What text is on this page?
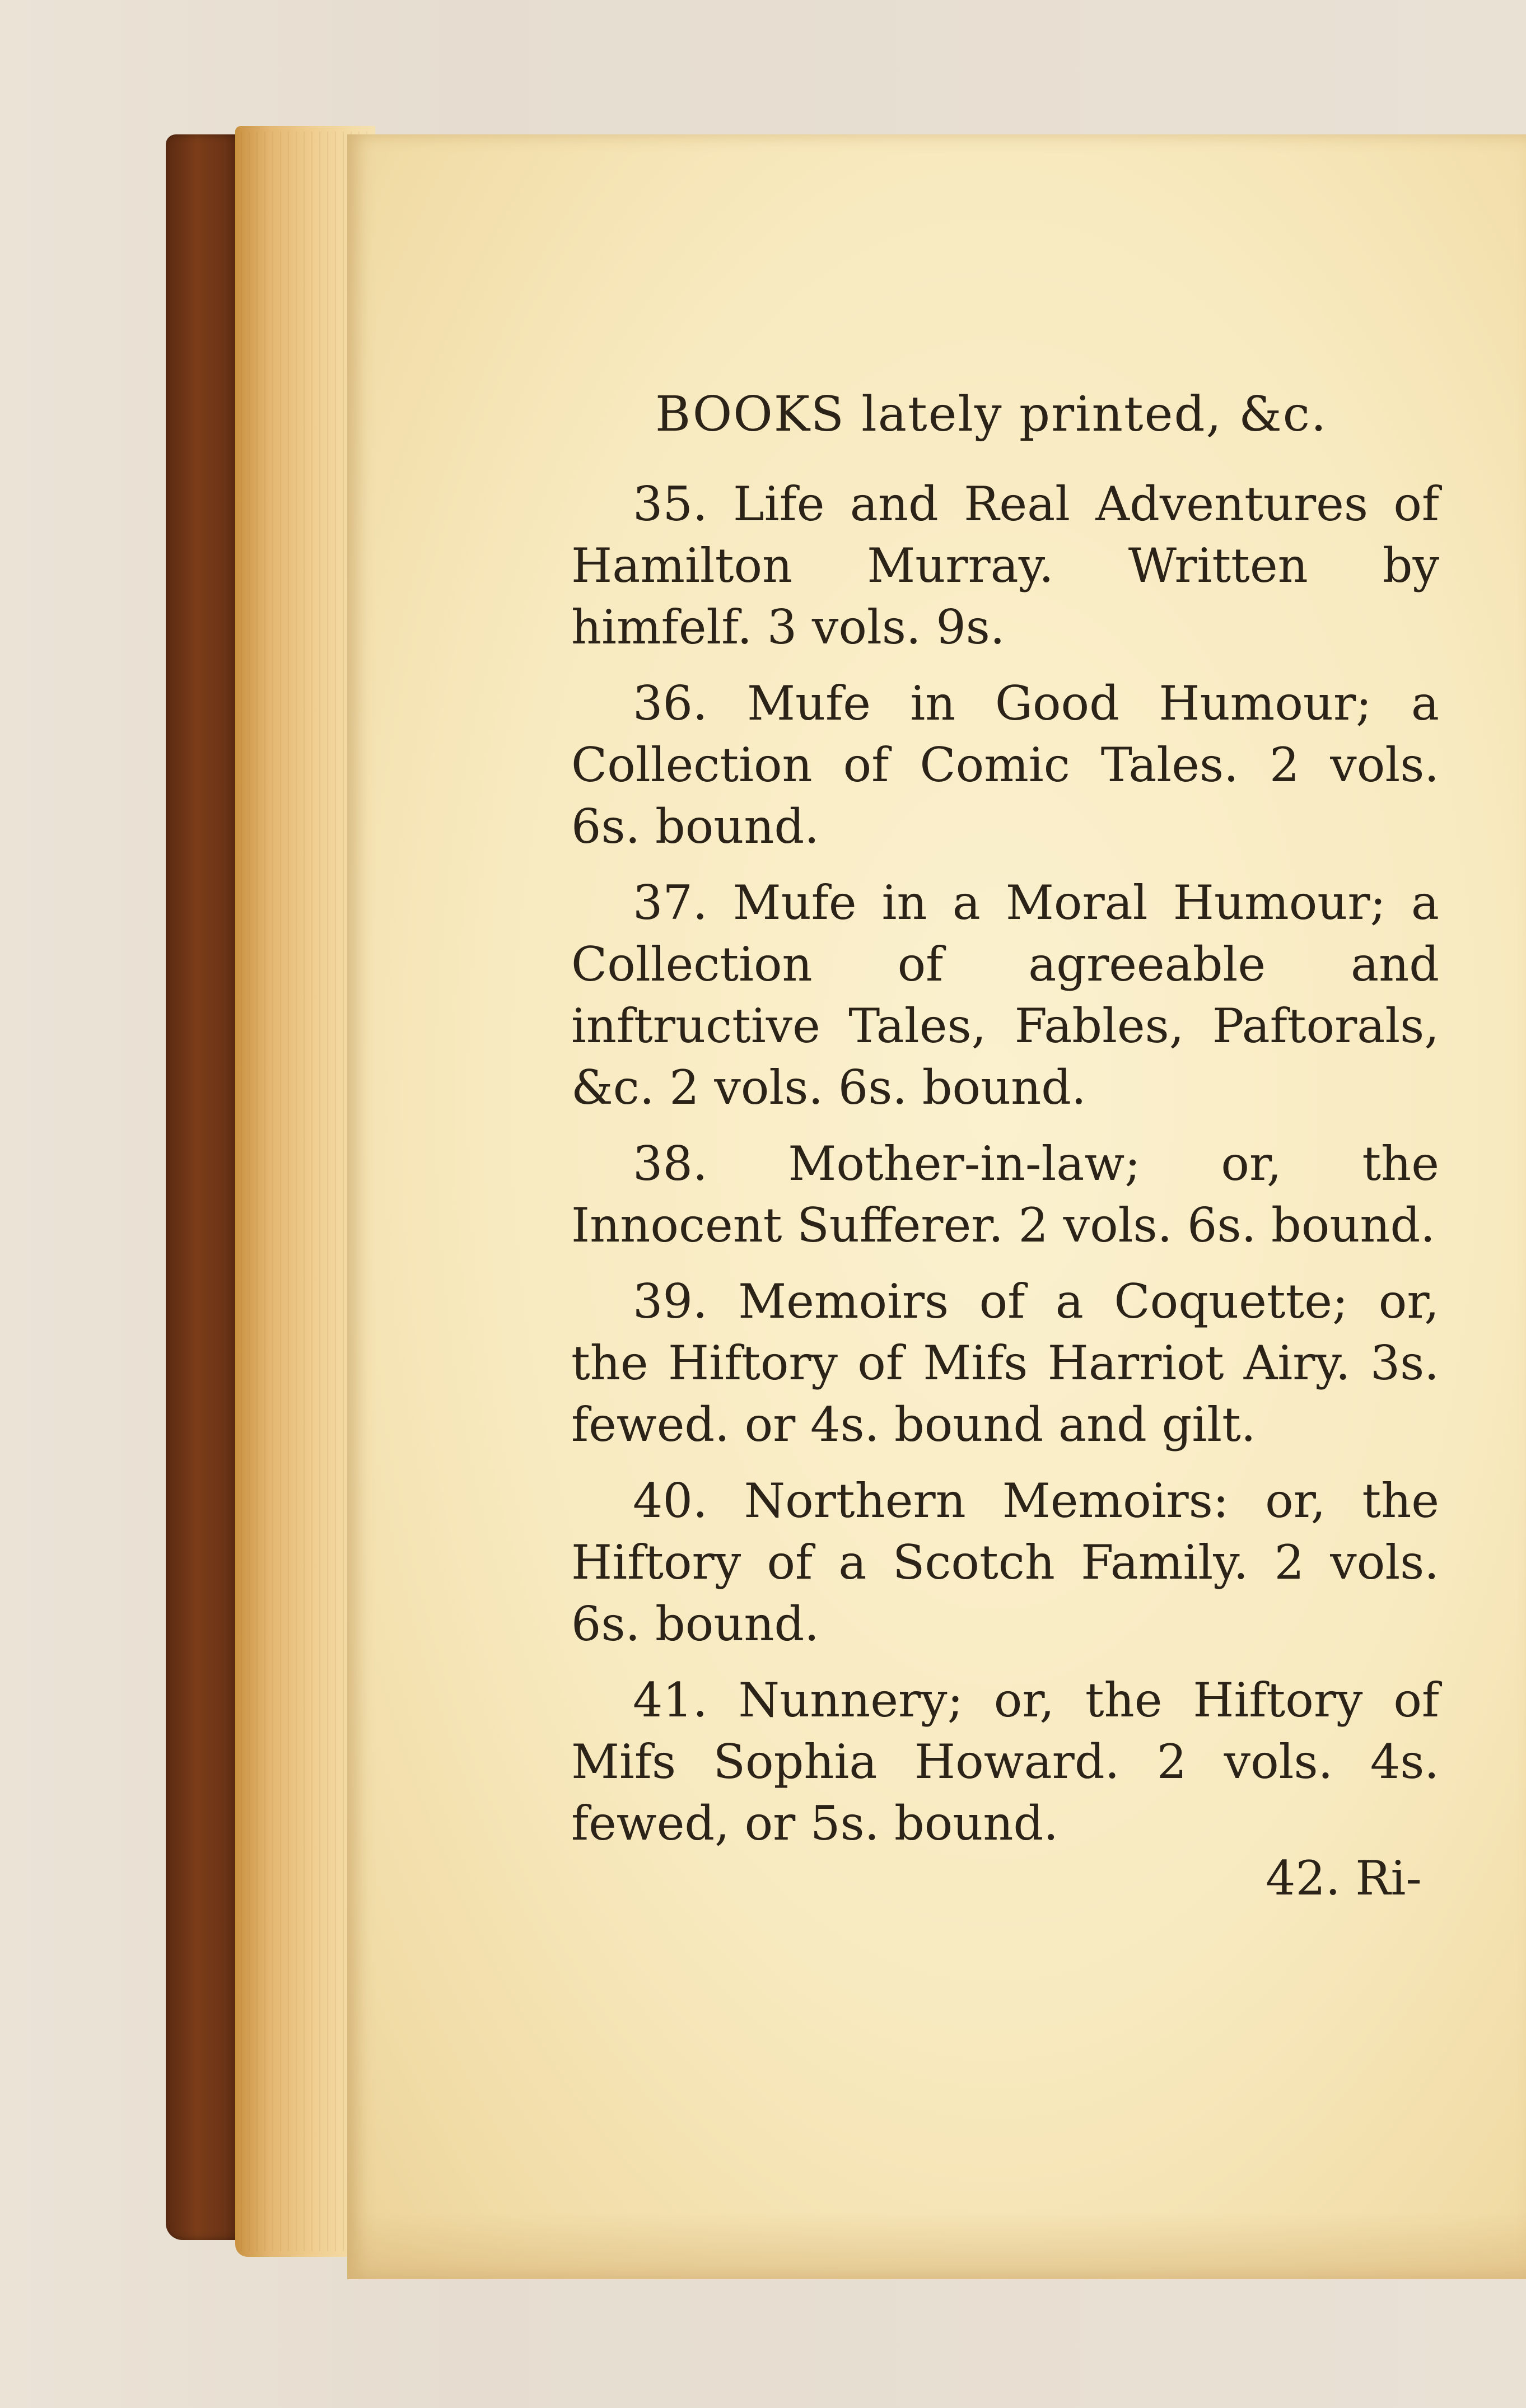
BOOKS lately printed, &c.

35. Life and Real Adventures of Hamilton Murray. Written by himfelf. 3 vols. 9s.

36. Mufe in Good Humour; a Collection of Comic Tales. 2 vols. 6s. bound.

37. Mufe in a Moral Humour; a Collection of agreeable and inftructive Tales, Fables, Paftorals, &c. 2 vols. 6s. bound.

38. Mother-in-law; or, the Innocent Sufferer. 2 vols. 6s. bound.

39. Memoirs of a Coquette; or, the Hiftory of Mifs Harriot Airy. 3s. fewed. or 4s. bound and gilt.

40. Northern Memoirs: or, the Hiftory of a Scotch Family. 2 vols. 6s. bound.

41. Nunnery; or, the Hiftory of Mifs Sophia Howard. 2 vols. 4s. fewed, or 5s. bound.

42. Ri-
